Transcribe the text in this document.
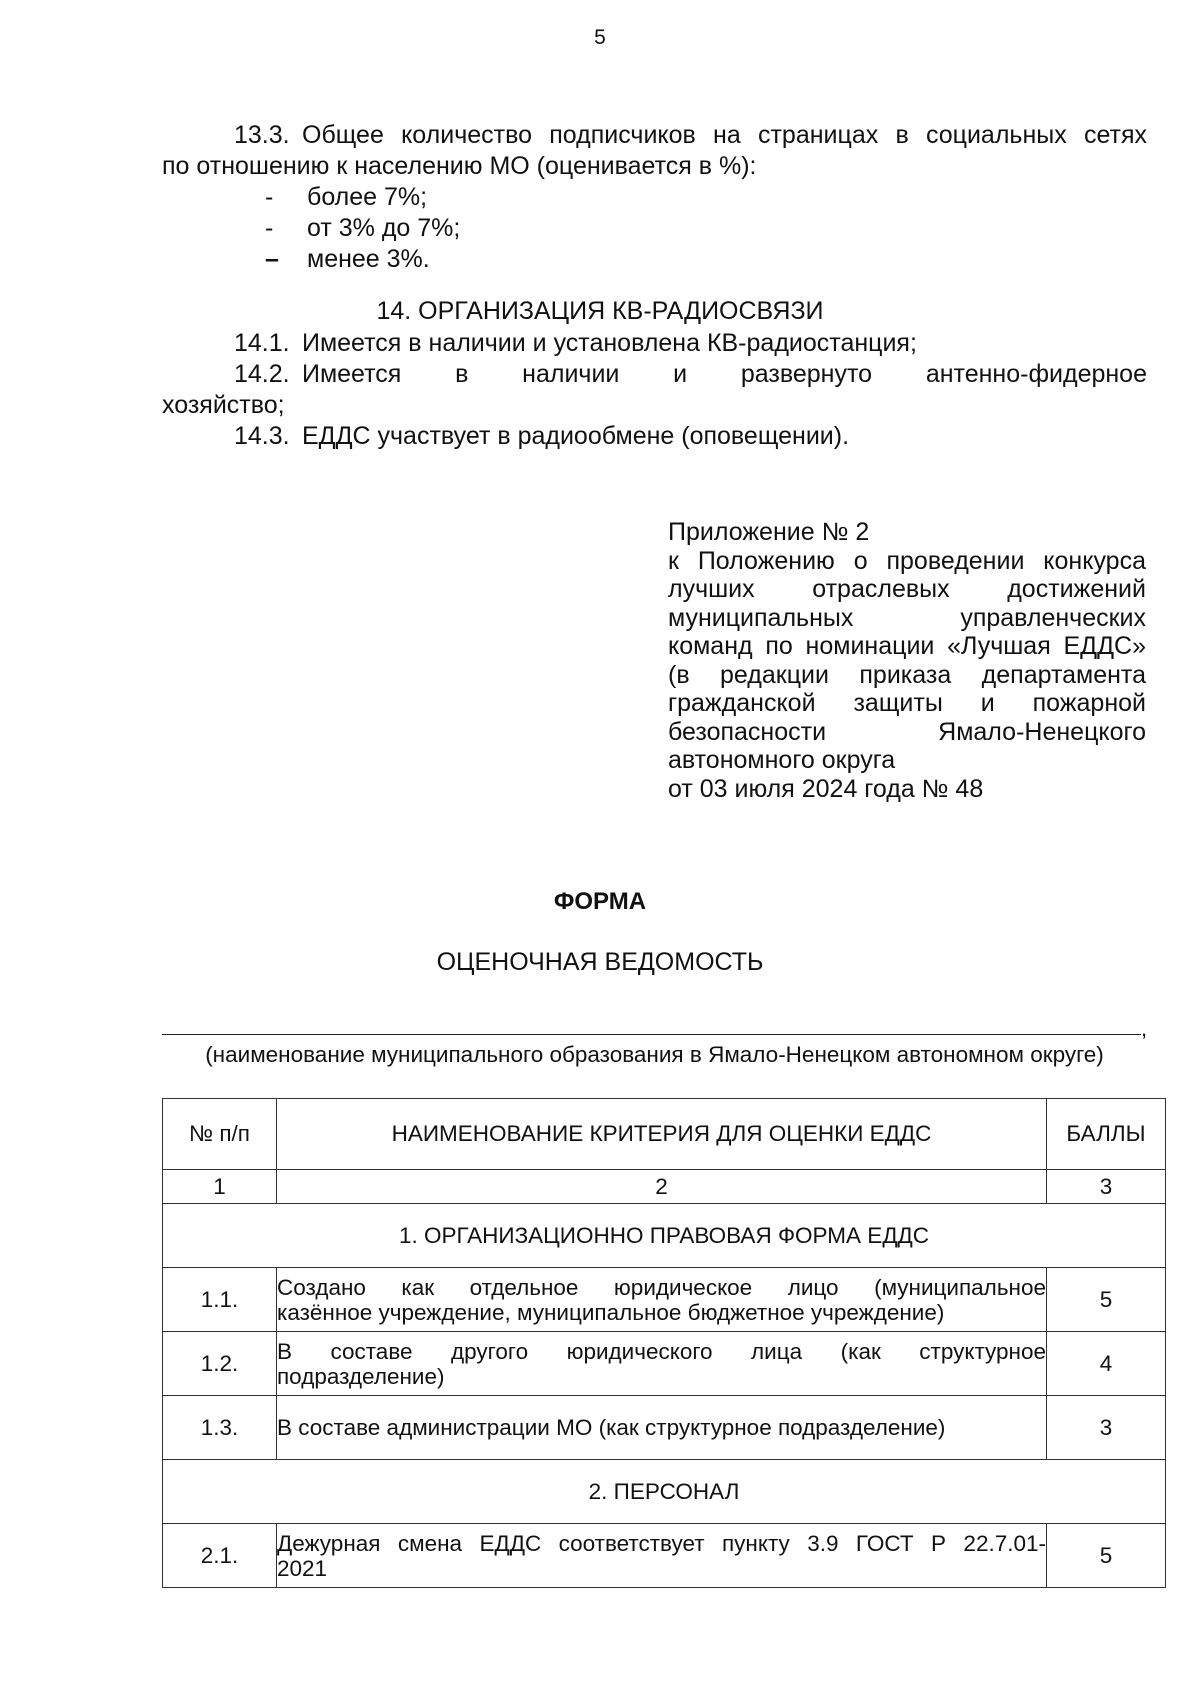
5
13.3. Общее количество подписчиков на страницах в социальных сетях
по отношению к населению МО (оценивается в %):
- более 7%;
- от 3% до 7%;
– менее 3%.
14. ОРГАНИЗАЦИЯ КВ-РАДИОСВЯЗИ
14.1. Имеется в наличии и установлена КВ-радиостанция;
14.2. Имеется в наличии и развернуто антенно-фидерное
хозяйство;
14.3. ЕДДС участвует в радиообмене (оповещении).
Приложение № 2
к Положению о проведении конкурса
лучших отраслевых достижений
муниципальных управленческих
команд по номинации «Лучшая ЕДДС»
(в редакции приказа департамента
гражданской защиты и пожарной
безопасности Ямало-Ненецкого
автономного округа
от 03 июля 2024 года № 48
ФОРМА
ОЦЕНОЧНАЯ ВЕДОМОСТЬ
,
(наименование муниципального образования в Ямало-Ненецком автономном округе)
№ п/п	НАИМЕНОВАНИЕ КРИТЕРИЯ ДЛЯ ОЦЕНКИ ЕДДС	БАЛЛЫ
1	2	3
1. ОРГАНИЗАЦИОННО ПРАВОВАЯ ФОРМА ЕДДС		
1.1.	Создано как отдельное юридическое лицо (муниципальное
казённое учреждение, муниципальное бюджетное учреждение)	5
1.2.	В составе другого юридического лица (как структурное
подразделение)	4
1.3.	В составе администрации МО (как структурное подразделение)	3
2. ПЕРСОНАЛ		
2.1.	Дежурная смена ЕДДС соответствует пункту 3.9 ГОСТ Р 22.7.01-
2021	5
